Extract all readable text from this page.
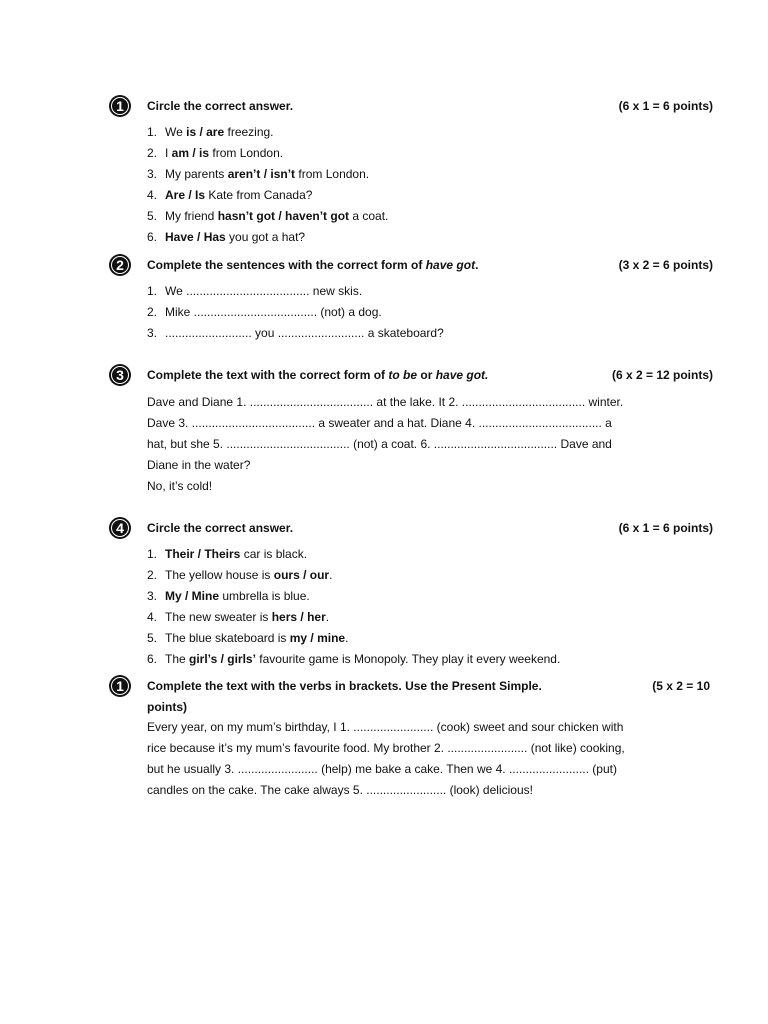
1	Circle the correct answer.	(6 x 1 = 6 points)
1. We is / are freezing.
2. I am / is from London.
3. My parents aren’t / isn’t from London.
4. Are / Is Kate from Canada?
5. My friend hasn’t got / haven’t got a coat.
6. Have / Has you got a hat?
2	Complete the sentences with the correct form of have got.	(3 x 2 = 6 points)
1. We ..................................... new skis.
2. Mike ..................................... (not) a dog.
3. .......................... you .......................... a skateboard?
3	Complete the text with the correct form of to be or have got.	(6 x 2 = 12 points)
Dave and Diane 1. ..................................... at the lake. It 2. ..................................... winter.
Dave 3. ..................................... a sweater and a hat. Diane 4. ..................................... a
hat, but she 5. ..................................... (not) a coat. 6. ..................................... Dave and
Diane in the water?
No, it’s cold!
4	Circle the correct answer.	(6 x 1 = 6 points)
1. Their / Theirs car is black.
2. The yellow house is ours / our.
3. My / Mine umbrella is blue.
4. The new sweater is hers / her.
5. The blue skateboard is my / mine.
6. The girl’s / girls’ favourite game is Monopoly. They play it every weekend.
1	Complete the text with the verbs in brackets. Use the Present Simple.	(5 x 2 = 10
points)
Every year, on my mum’s birthday, I 1. ........................ (cook) sweet and sour chicken with
rice because it’s my mum’s favourite food. My brother 2. ........................ (not like) cooking,
but he usually 3. ........................ (help) me bake a cake. Then we 4. ........................ (put)
candles on the cake. The cake always 5. ........................ (look) delicious!
